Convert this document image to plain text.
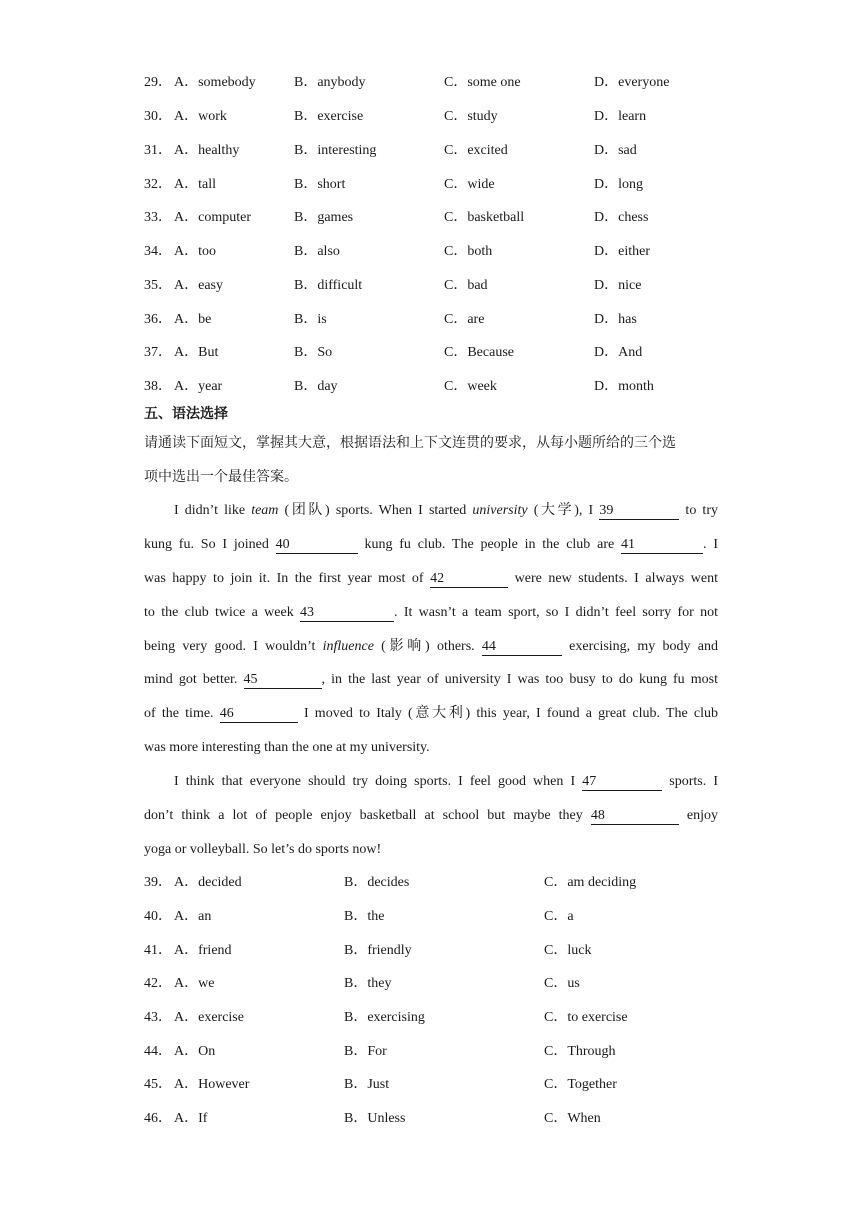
29． A．somebody	B．anybody	C．some one	D．everyone
30． A．work	B．exercise	C．study	D．learn
31． A．healthy	B．interesting	C．excited	D．sad
32． A．tall	B．short	C．wide	D．long
33． A．computer	B．games	C．basketball	D．chess
34． A．too	B．also	C．both	D．either
35． A．easy	B．difficult	C．bad	D．nice
36． A．be	B．is	C．are	D．has
37． A．But	B．So	C．Because	D．And
38． A．year	B．day	C．week	D．month
五、语法选择
请通读下面短文，掌握其大意，根据语法和上下文连贯的要求，从每小题所给的三个选
项中选出一个最佳答案。
I didn’t like team (团队) sports. When I started university (大学), I 39	to try
kung fu. So I joined 40	kung fu club. The people in the club are 41	. I
was happy to join it. In the first year most of 42	were new students. I always went
to the club twice a week 43	. It wasn’t a team sport, so I didn’t feel sorry for not
being very good. I wouldn’t influence (影响) others. 44	exercising, my body and
mind got better. 45	, in the last year of university I was too busy to do kung fu most
of the time. 46	I moved to Italy (意大利) this year, I found a great club. The club
was more interesting than the one at my university.
I think that everyone should try doing sports. I feel good when I 47	sports. I
don’t think a lot of people enjoy basketball at school but maybe they 48	enjoy
yoga or volleyball. So let’s do sports now!
39． A．decided	B．decides	C．am deciding
40． A．an	B．the	C．a
41． A．friend	B．friendly	C．luck
42． A．we	B．they	C．us
43． A．exercise	B．exercising	C．to exercise
44． A．On	B．For	C．Through
45． A．However	B．Just	C．Together
46． A．If	B．Unless	C．When
